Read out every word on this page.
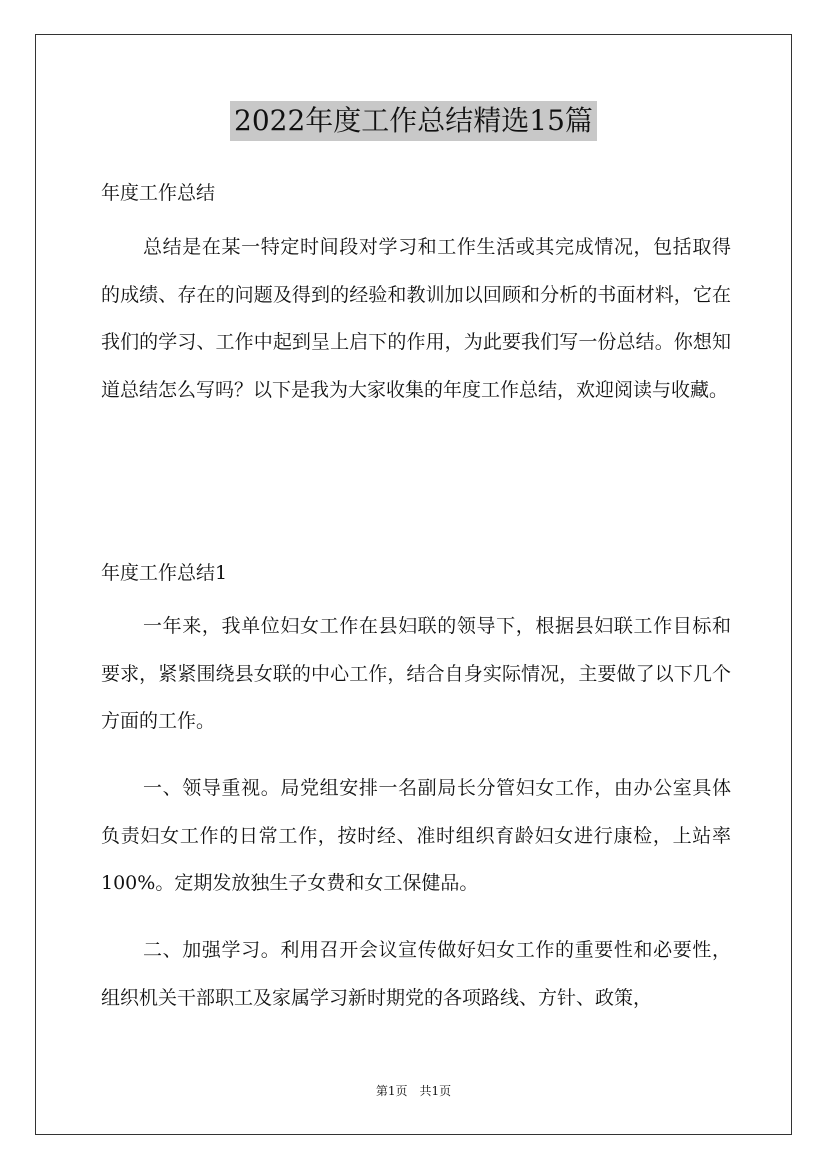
2022年度工作总结精选15篇
年度工作总结

总结是在某一特定时间段对学习和工作生活或其完成情况，包括取得的成绩、存在的问题及得到的经验和教训加以回顾和分析的书面材料，它在我们的学习、工作中起到呈上启下的作用，为此要我们写一份总结。你想知道总结怎么写吗？以下是我为大家收集的年度工作总结，欢迎阅读与收藏。

年度工作总结1

一年来，我单位妇女工作在县妇联的领导下，根据县妇联工作目标和要求，紧紧围绕县女联的中心工作，结合自身实际情况，主要做了以下几个方面的工作。

一、领导重视。局党组安排一名副局长分管妇女工作，由办公室具体负责妇女工作的日常工作，按时经、准时组织育龄妇女进行康检，上站率100%。定期发放独生子女费和女工保健品。

二、加强学习。利用召开会议宣传做好妇女工作的重要性和必要性，组织机关干部职工及家属学习新时期党的各项路线、方针、政策，

第1页　共1页
